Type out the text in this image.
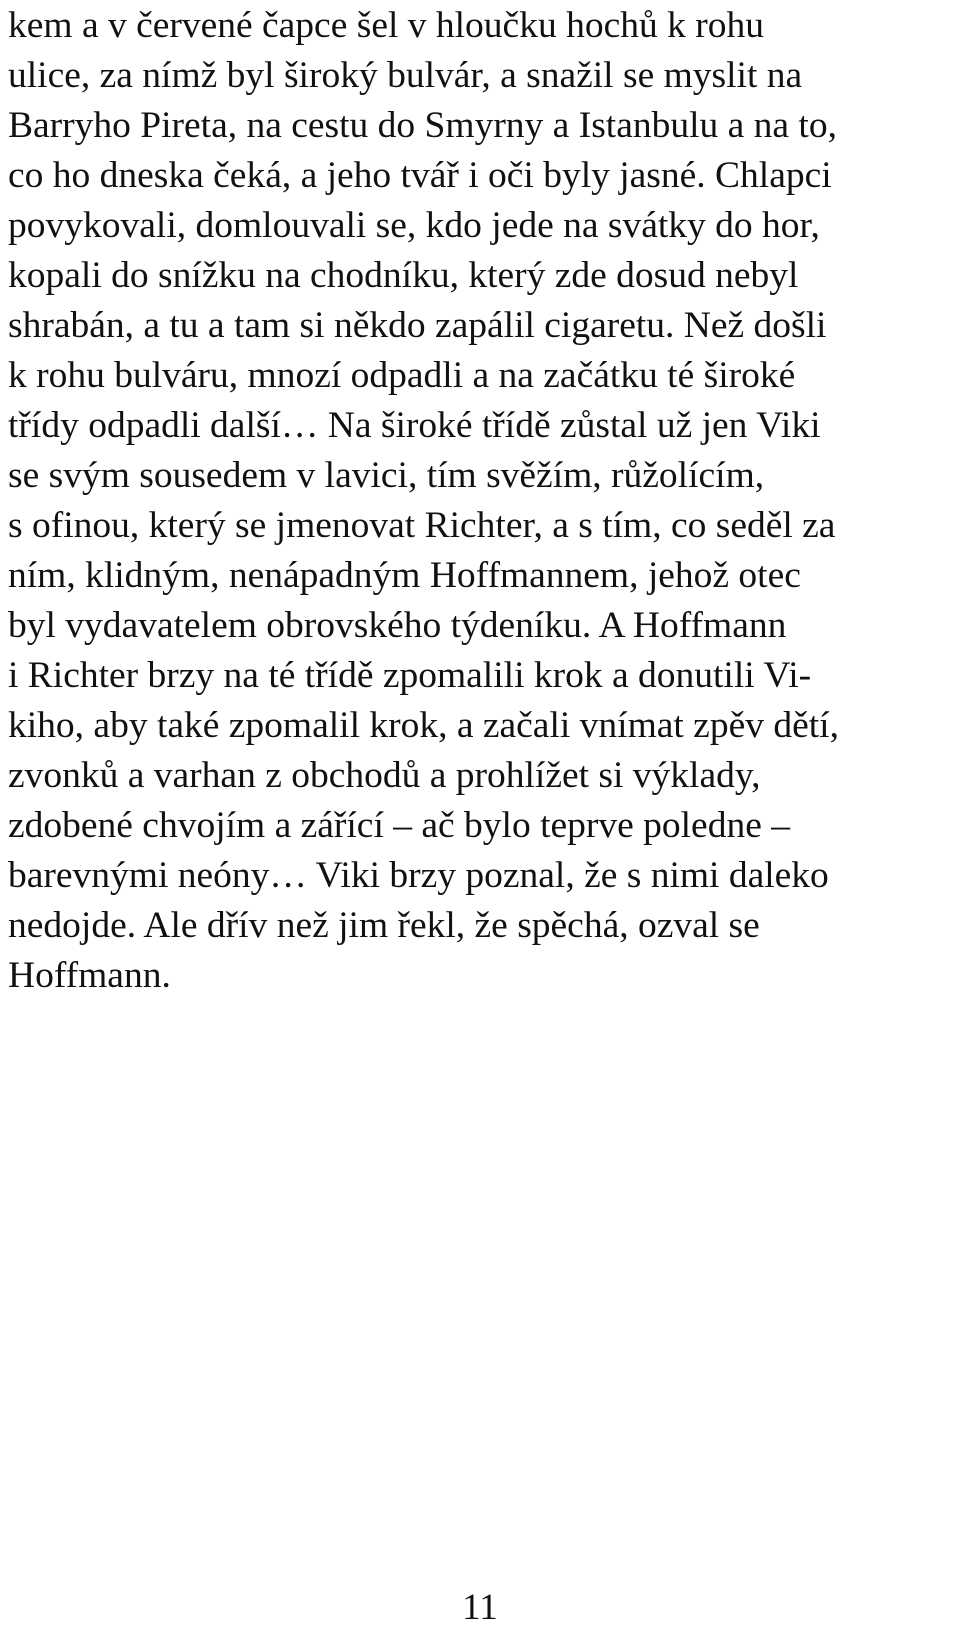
kem a v červené čapce šel v hloučku hochů k rohu
ulice, za nímž byl široký bulvár, a snažil se myslit na
Barryho Pireta, na cestu do Smyrny a Istanbulu a na to,
co ho dneska čeká, a jeho tvář i oči byly jasné. Chlapci
povykovali, domlouvali se, kdo jede na svátky do hor,
kopali do snížku na chodníku, který zde dosud nebyl
shrabán, a tu a tam si někdo zapálil cigaretu. Než došli
k rohu bulváru, mnozí odpadli a na začátku té široké
třídy odpadli další… Na široké třídě zůstal už jen Viki
se svým sousedem v lavici, tím svěžím, růžolícím,
s ofinou, který se jmenovat Richter, a s tím, co seděl za
ním, klidným, nenápadným Hoffmannem, jehož otec
byl vydavatelem obrovského týdeníku. A Hoffmann
i Richter brzy na té třídě zpomalili krok a donutili Vi-
kiho, aby také zpomalil krok, a začali vnímat zpěv dětí,
zvonků a varhan z obchodů a prohlížet si výklady,
zdobené chvojím a zářící – ač bylo teprve poledne –
barevnými neóny… Viki brzy poznal, že s nimi daleko
nedojde. Ale dřív než jim řekl, že spěchá, ozval se
Hoffmann.

11
